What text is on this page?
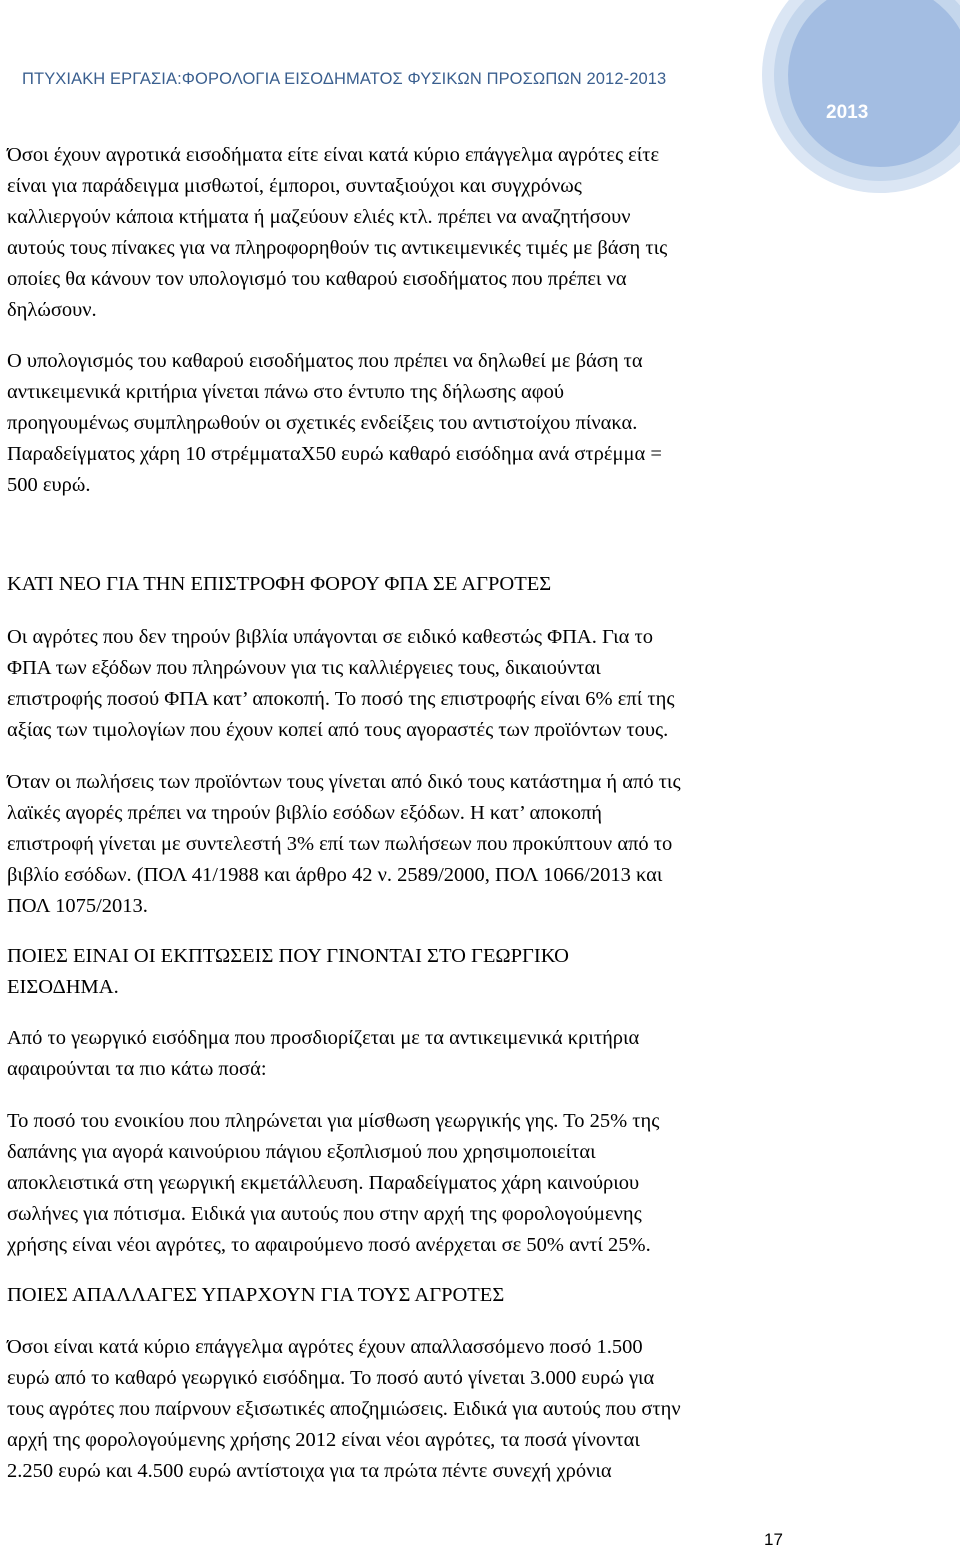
ΠΤΥΧΙΑΚΗ ΕΡΓΑΣΙΑ:ΦΟΡΟΛΟΓΙΑ ΕΙΣΟΔΗΜΑΤΟΣ ΦΥΣΙΚΩΝ ΠΡΟΣΩΠΩΝ 2012-2013
2013
Όσοι έχουν αγροτικά εισοδήματα είτε είναι κατά κύριο επάγγελμα αγρότες είτε
είναι για παράδειγμα μισθωτοί, έμποροι, συνταξιούχοι και συγχρόνως
καλλιεργούν κάποια κτήματα ή μαζεύουν ελιές κτλ. πρέπει να αναζητήσουν
αυτούς τους πίνακες για να πληροφορηθούν τις αντικειμενικές τιμές με βάση τις
οποίες θα κάνουν τον υπολογισμό του καθαρού εισοδήματος που πρέπει να
δηλώσουν.
Ο υπολογισμός του καθαρού εισοδήματος που πρέπει να δηλωθεί με βάση τα
αντικειμενικά κριτήρια γίνεται πάνω στο έντυπο της δήλωσης αφού
προηγουμένως συμπληρωθούν οι σχετικές ενδείξεις του αντιστοίχου πίνακα.
Παραδείγματος χάρη 10 στρέμματαΧ50 ευρώ καθαρό εισόδημα ανά στρέμμα =
500 ευρώ.
ΚΑΤΙ ΝΕΟ ΓΙΑ ΤΗΝ ΕΠΙΣΤΡΟΦΗ ΦΟΡΟΥ ΦΠΑ ΣΕ ΑΓΡΟΤΕΣ
Οι αγρότες που δεν τηρούν βιβλία υπάγονται σε ειδικό καθεστώς ΦΠΑ. Για το
ΦΠΑ των εξόδων που πληρώνουν για τις καλλιέργειες τους, δικαιούνται
επιστροφής ποσού ΦΠΑ κατ’ αποκοπή. Το ποσό της επιστροφής είναι 6% επί της
αξίας των τιμολογίων που έχουν κοπεί από τους αγοραστές των προϊόντων τους.
Όταν οι πωλήσεις των προϊόντων τους γίνεται από δικό τους κατάστημα ή από τις
λαϊκές αγορές πρέπει να τηρούν βιβλίο εσόδων εξόδων. Η κατ’ αποκοπή
επιστροφή γίνεται με συντελεστή 3% επί των πωλήσεων που προκύπτουν από το
βιβλίο εσόδων. (ΠΟΛ 41/1988 και άρθρο 42 ν. 2589/2000, ΠΟΛ 1066/2013 και
ΠΟΛ 1075/2013.
ΠΟΙΕΣ ΕΙΝΑΙ ΟΙ ΕΚΠΤΩΣΕΙΣ ΠΟΥ ΓΙΝΟΝΤΑΙ ΣΤΟ ΓΕΩΡΓΙΚΟ
ΕΙΣΟΔΗΜΑ.
Από το γεωργικό εισόδημα που προσδιορίζεται με τα αντικειμενικά κριτήρια
αφαιρούνται τα πιο κάτω ποσά:
Το ποσό του ενοικίου που πληρώνεται για μίσθωση γεωργικής γης. Το 25% της
δαπάνης για αγορά καινούριου πάγιου εξοπλισμού που χρησιμοποιείται
αποκλειστικά στη γεωργική εκμετάλλευση. Παραδείγματος χάρη καινούριου
σωλήνες για πότισμα. Ειδικά για αυτούς που στην αρχή της φορολογούμενης
χρήσης είναι νέοι αγρότες, το αφαιρούμενο ποσό ανέρχεται σε 50% αντί 25%.
ΠΟΙΕΣ ΑΠΑΛΛΑΓΕΣ ΥΠΑΡΧΟΥΝ ΓΙΑ ΤΟΥΣ ΑΓΡΟΤΕΣ
Όσοι είναι κατά κύριο επάγγελμα αγρότες έχουν απαλλασσόμενο ποσό 1.500
ευρώ από το καθαρό γεωργικό εισόδημα. Το ποσό αυτό γίνεται 3.000 ευρώ για
τους αγρότες που παίρνουν εξισωτικές αποζημιώσεις. Ειδικά για αυτούς που στην
αρχή της φορολογούμενης χρήσης 2012 είναι νέοι αγρότες, τα ποσά γίνονται
2.250 ευρώ και 4.500 ευρώ αντίστοιχα για τα πρώτα πέντε συνεχή χρόνια
17
